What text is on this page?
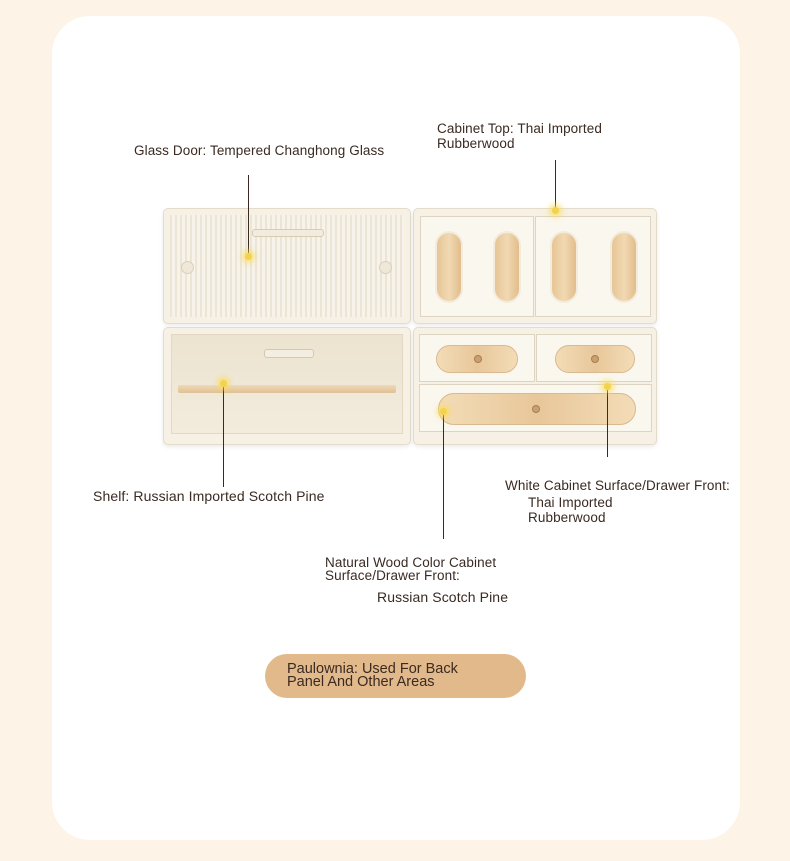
Glass Door: Tempered Changhong Glass
Cabinet Top: Thai Imported
Rubberwood
Shelf: Russian Imported Scotch Pine
White Cabinet Surface/Drawer Front:
Thai Imported
Rubberwood
Natural Wood Color Cabinet
Surface/Drawer Front:
Russian Scotch Pine
Paulownia: Used For Back
Panel And Other Areas
